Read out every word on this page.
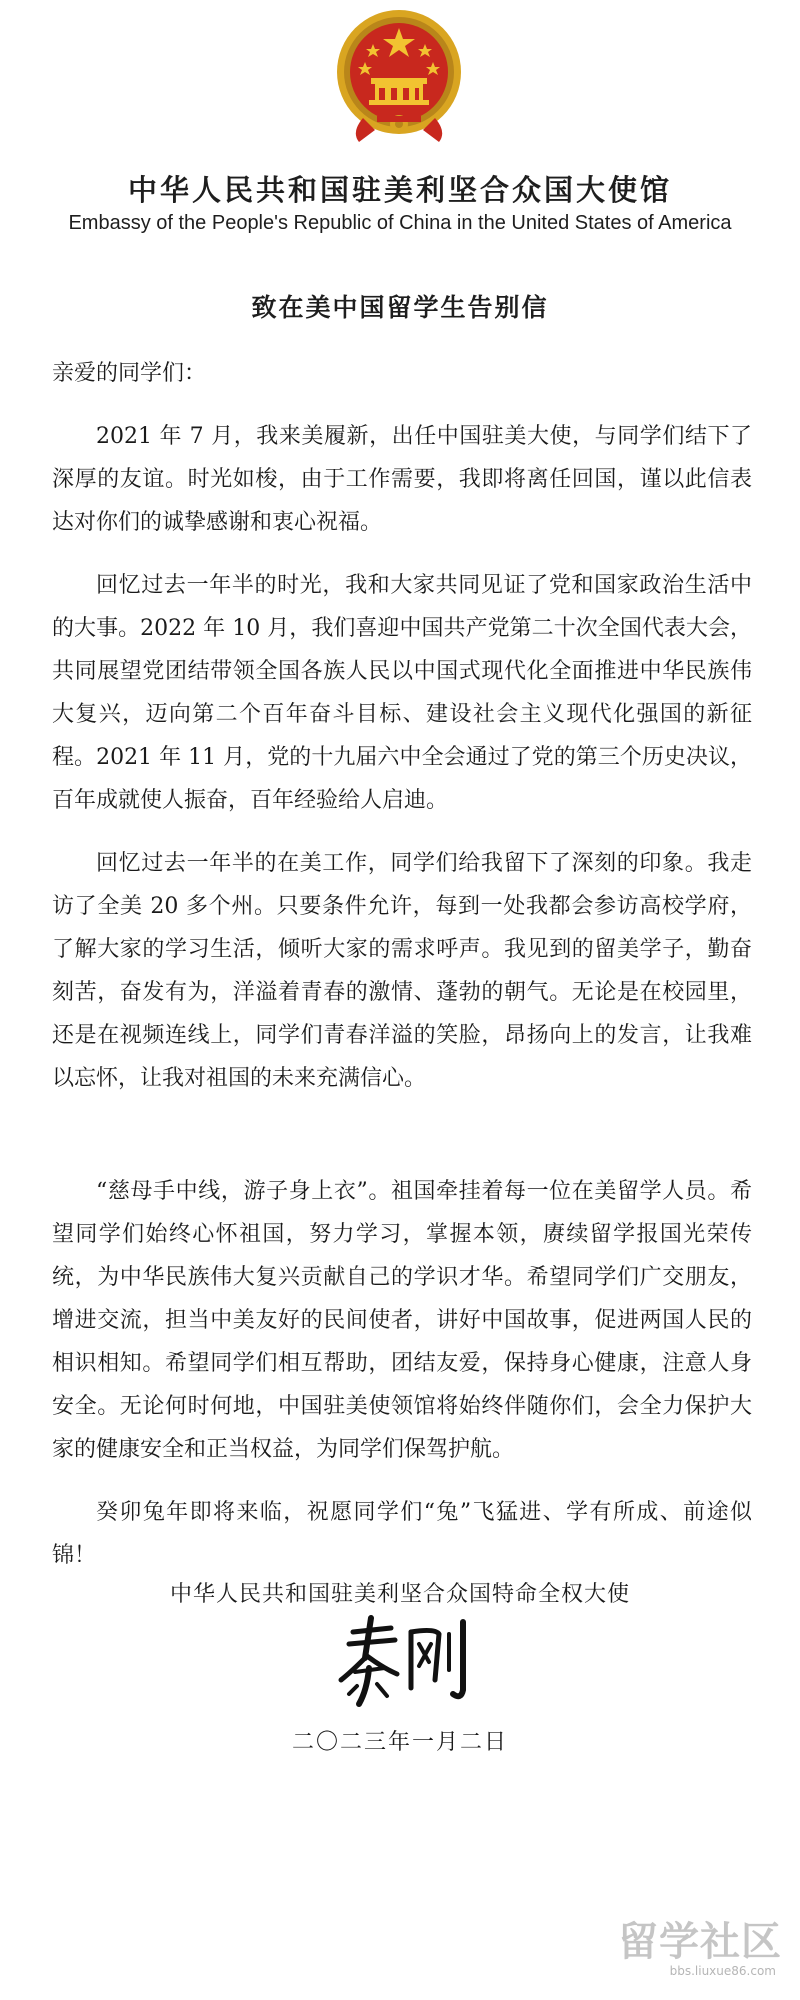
中华人民共和国驻美利坚合众国大使馆
Embassy of the People's Republic of China in the United States of America
致在美中国留学生告别信

亲爱的同学们：

2021 年 7 月，我来美履新，出任中国驻美大使，与同学们结下了深厚的友谊。时光如梭，由于工作需要，我即将离任回国，谨以此信表达对你们的诚挚感谢和衷心祝福。

回忆过去一年半的时光，我和大家共同见证了党和国家政治生活中的大事。2022 年 10 月，我们喜迎中国共产党第二十次全国代表大会，共同展望党团结带领全国各族人民以中国式现代化全面推进中华民族伟大复兴，迈向第二个百年奋斗目标、建设社会主义现代化强国的新征程。2021 年 11 月，党的十九届六中全会通过了党的第三个历史决议，百年成就使人振奋，百年经验给人启迪。

回忆过去一年半的在美工作，同学们给我留下了深刻的印象。我走访了全美 20 多个州。只要条件允许，每到一处我都会参访高校学府，了解大家的学习生活，倾听大家的需求呼声。我见到的留美学子，勤奋刻苦，奋发有为，洋溢着青春的激情、蓬勃的朝气。无论是在校园里，还是在视频连线上，同学们青春洋溢的笑脸，昂扬向上的发言，让我难以忘怀，让我对祖国的未来充满信心。

“慈母手中线，游子身上衣”。祖国牵挂着每一位在美留学人员。希望同学们始终心怀祖国，努力学习，掌握本领，赓续留学报国光荣传统，为中华民族伟大复兴贡献自己的学识才华。希望同学们广交朋友，增进交流，担当中美友好的民间使者，讲好中国故事，促进两国人民的相识相知。希望同学们相互帮助，团结友爱，保持身心健康，注意人身安全。无论何时何地，中国驻美使领馆将始终伴随你们，会全力保护大家的健康安全和正当权益，为同学们保驾护航。

癸卯兔年即将来临，祝愿同学们“兔”飞猛进、学有所成、前途似锦！

中华人民共和国驻美利坚合众国特命全权大使
二〇二三年一月二日
留学社区
bbs.liuxue86.com
